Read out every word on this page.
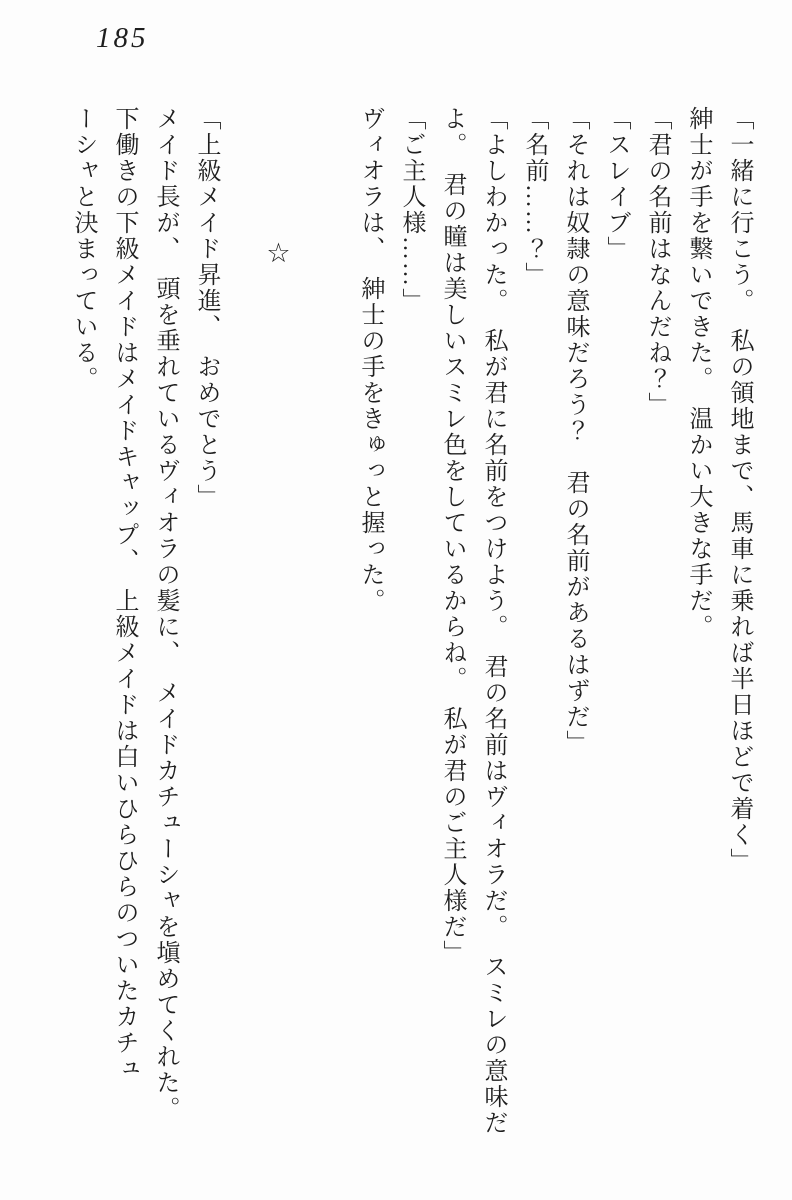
185

「一緒に行こう。　私の領地まで、馬車に乗れば半日ほどで着く」

紳士が手を繋いできた。　温かい大きな手だ。

「君の名前はなんだね？」

「スレイブ」

「それは奴隷の意味だろう？　君の名前があるはずだ」

「名前……？」

「よしわかった。　私が君に名前をつけよう。　君の名前はヴィオラだ。　スミレの意味だ

よ。　君の瞳は美しいスミレ色をしているからね。　私が君のご主人様だ」

「ご主人様……」

ヴィオラは、　紳士の手をきゅっと握った。

☆

「上級メイド昇進、　おめでとう」

メイド長が、　頭を垂れているヴィオラの髪に、　メイドカチューシャを塡めてくれた。

下働きの下級メイドはメイドキャップ、　上級メイドは白いひらひらのついたカチュ

ーシャと決まっている。
